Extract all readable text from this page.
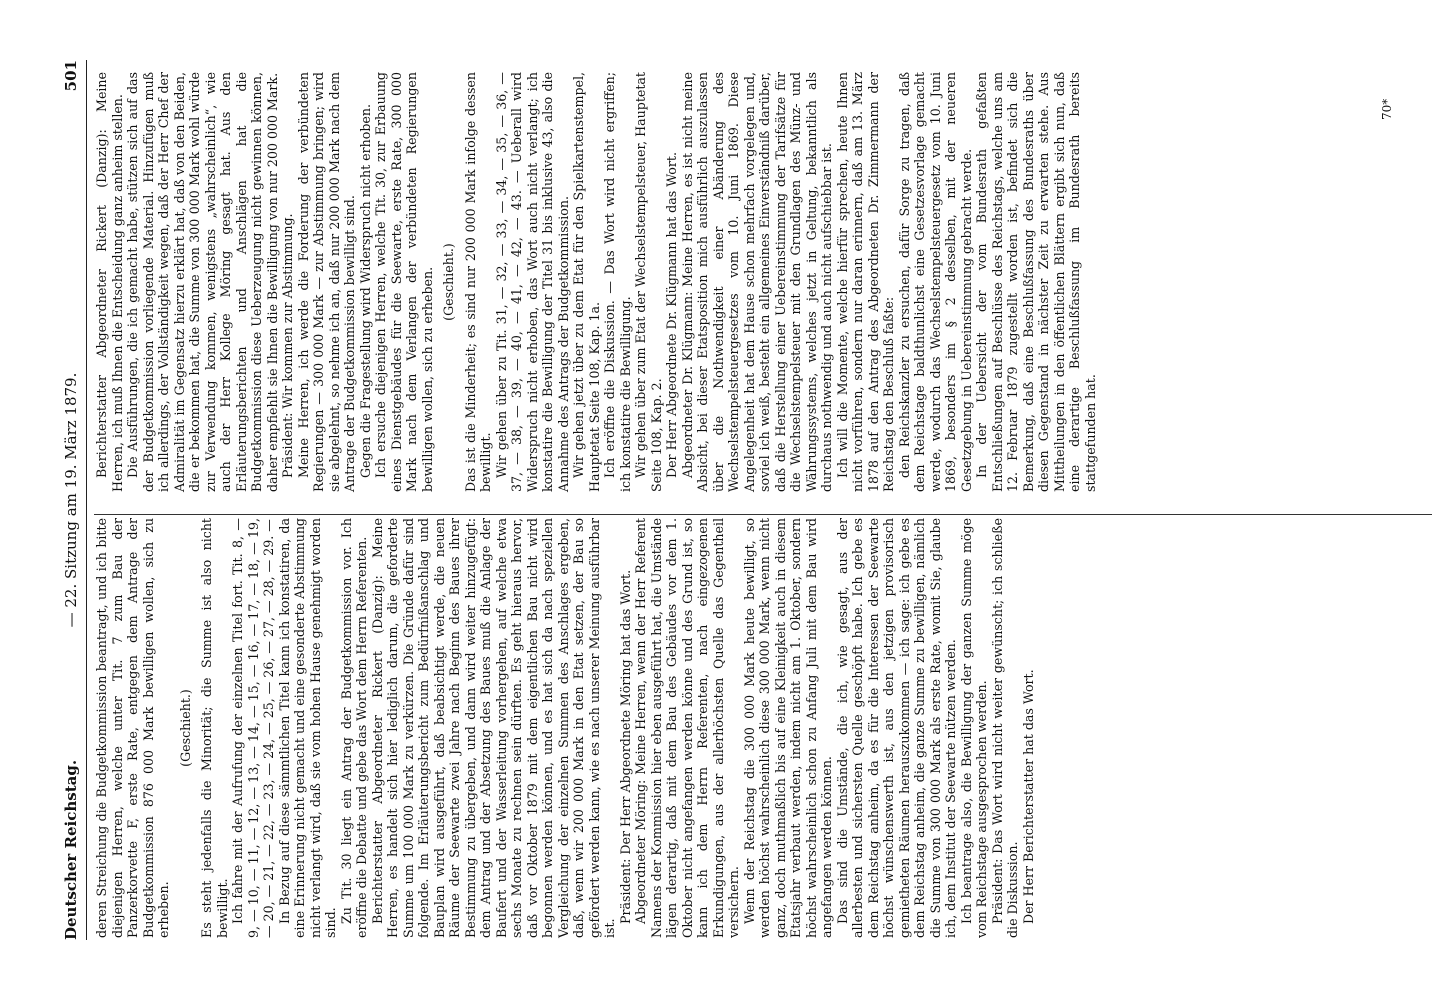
Deutscher Reichstag.
— 22. Sitzung am 19. März 1879.
501

deren Streichung die Budgetkommission beantragt, und ich bitte diejenigen Herren, welche unter Tit. 7 zum Bau der Panzerkorvette F, erste Rate, entgegen dem Antrage der Budgetkommission 876 000 Mark bewilligen wollen, sich zu erheben.

(Geschieht.) Es steht jedenfalls die Minorität; die Summe ist also nicht bewilligt. Ich fahre mit der Aufrufung der einzelnen Titel fort. Tit. 8, — 9, — 10, — 11, — 12, — 13, — 14, — 15, — 16, — 17, — 18, — 19, — 20, — 21, — 22, — 23, — 24, — 25, — 26, — 27, — 28, — 29. — In Bezug auf diese sämmtlichen Titel kann ich konstatiren, da eine Erinnerung nicht gemacht und eine gesonderte Abstimmung nicht verlangt wird, daß sie vom hohen Hause genehmigt worden sind. Zu Tit. 30 liegt ein Antrag der Budgetkommission vor. Ich eröffne die Debatte und gebe das Wort dem Herrn Referenten. Berichterstatter Abgeordneter Rickert (Danzig): Meine Herren, es handelt sich hier lediglich darum, die geforderte Summe um 100 000 Mark zu verkürzen. Die Gründe dafür sind folgende. Im Erläuterungsbericht zum Bedürfnißanschlag und Bauplan wird ausgeführt, daß beabsichtigt werde, die neuen Räume der Seewarte zwei Jahre nach Beginn des Baues ihrer Bestimmung zu übergeben, und dann wird weiter hinzugefügt: dem Antrag und der Absetzung des Baues muß die Anlage der Baufert und der Wasserleitung vorhergehen, auf welche etwa sechs Monate zu rechnen sein dürften. Es geht hieraus hervor, daß vor Oktober 1879 mit dem eigentlichen Bau nicht wird begonnen werden können, und es hat sich da nach speziellen Vergleichung der einzelnen Summen des Anschlages ergeben, daß, wenn wir 200 000 Mark in den Etat setzen, der Bau so gefördert werden kann, wie es nach unserer Meinung ausführbar ist.

Präsident: Der Herr Abgeordnete Möring hat das Wort. Abgeordneter Möring: Meine Herren, wenn der Herr Referent Namens der Kommission hier eben ausgeführt hat, die Umstände lägen derartig, daß mit dem Bau des Gebäudes vor dem 1. Oktober nicht angefangen werden könne und des Grund ist, so kann ich dem Herrn Referenten, nach eingezogenen Erkundigungen, aus der allerhöchsten Quelle das Gegentheil versichern. Wenn der Reichstag die 300 000 Mark heute bewilligt, so werden höchst wahrscheinlich diese 300 000 Mark, wenn nicht ganz, doch muthmaßlich bis auf eine Kleinigkeit auch in diesem Etatsjahr verbaut werden, indem nicht am 1. Oktober, sondern höchst wahrscheinlich schon zu Anfang Juli mit dem Bau wird angefangen werden können. Das sind die Umstände, die ich, wie gesagt, aus der allerbesten und sichersten Quelle geschöpft habe. Ich gebe es dem Reichstag anheim, da es für die Interessen der Seewarte höchst wünschenswerth ist, aus den jetzigen provisorisch gemietheten Räumen herauszukommen — ich sage: ich gebe es dem Reichstag anheim, die ganze Summe zu bewilligen, nämlich die Summe von 300 000 Mark als erste Rate, womit Sie, glaube ich, dem Institut der Seewarte nützen werden. Ich beantrage also, die Bewilligung der ganzen Summe möge vom Reichstage ausgesprochen werden. Präsident: Das Wort wird nicht weiter gewünscht; ich schließe die Diskussion. Der Herr Berichterstatter hat das Wort.

Berichterstatter Abgeordneter Rickert (Danzig): Meine Herren, ich muß Ihnen die Entscheidung ganz anheim stellen. Die Ausführungen, die ich gemacht habe, stützen sich auf das der Budgetkommission vorliegende Material. Hinzufügen muß ich allerdings, der Vollständigkeit wegen, daß der Herr Chef der Admiralität im Gegensatz hierzu erklärt hat, daß von den Beiden, die er bekommen hat, die Summe von 300 000 Mark wohl würde zur Verwendung kommen, wenigstens „wahrscheinlich“, wie auch der Herr Kollege Möring gesagt hat. Aus den Erläuterungsberichten und Anschlägen hat die Budgetkommission diese Ueberzeugung nicht gewinnen können, daher empfiehlt sie Ihnen die Bewilligung von nur 200 000 Mark. Präsident: Wir kommen zur Abstimmung. Meine Herren, ich werde die Forderung der verbündeten Regierungen — 300 000 Mark — zur Abstimmung bringen; wird sie abgelehnt, so nehme ich an, daß nur 200 000 Mark nach dem Antrage der Budgetkommission bewilligt sind. Gegen die Fragestellung wird Widerspruch nicht erhoben. Ich ersuche diejenigen Herren, welche Tit. 30, zur Erbauung eines Dienstgebäudes für die Seewarte, erste Rate, 300 000 Mark nach dem Verlangen der verbündeten Regierungen bewilligen wollen, sich zu erheben. (Geschieht.) Das ist die Minderheit; es sind nur 200 000 Mark infolge dessen bewilligt. Wir gehen über zu Tit. 31, — 32, — 33, — 34, — 35, — 36, — 37, — 38, — 39, — 40, — 41, — 42, — 43. — Ueberall wird Widerspruch nicht erhoben, das Wort auch nicht verlangt; ich konstatire die Bewilligung der Titel 31 bis inklusive 43, also die Annahme des Antrags der Budgetkommission. Wir gehen jetzt über zu dem Etat für den Spielkartenstempel, Hauptetat Seite 108, Kap. 1a. Ich eröffne die Diskussion. — Das Wort wird nicht ergriffen; ich konstatire die Bewilligung. Wir gehen über zum Etat der Wechselstempelsteuer, Hauptetat Seite 108, Kap. 2. Der Herr Abgeordnete Dr. Klügmann hat das Wort. Abgeordneter Dr. Klügmann: Meine Herren, es ist nicht meine Absicht, bei dieser Etatsposition mich ausführlich auszulassen über die Nothwendigkeit einer Abänderung des Wechselstempelsteuergesetzes vom 10. Juni 1869. Diese Angelegenheit hat dem Hause schon mehrfach vorgelegen und, soviel ich weiß, besteht ein allgemeines Einverständniß darüber, daß die Herstellung einer Uebereinstimmung der Tarifsätze für die Wechselstempelsteuer mit den Grundlagen des Münz- und Währungssystems, welches jetzt in Geltung, bekanntlich als durchaus nothwendig und auch nicht aufschiebbar ist. Ich will die Momente, welche hierfür sprechen, heute Ihnen nicht vorführen, sondern nur daran erinnern, daß am 13. März 1878 auf den Antrag des Abgeordneten Dr. Zimmermann der Reichstag den Beschluß faßte: den Reichskanzler zu ersuchen, dafür Sorge zu tragen, daß dem Reichstage baldthunlichst eine Gesetzesvorlage gemacht werde, wodurch das Wechselstempelsteuergesetz vom 10. Juni 1869, besonders im § 2 desselben, mit der neueren Gesetzgebung in Uebereinstimmung gebracht werde. In der Uebersicht der vom Bundesrath gefaßten Entschließungen auf Beschlüsse des Reichstags, welche uns am 12. Februar 1879 zugestellt worden ist, befindet sich die Bemerkung, daß eine Beschlußfassung des Bundesraths über diesen Gegenstand in nächster Zeit zu erwarten stehe. Aus Mittheilungen in den öffentlichen Blättern ergibt sich nun, daß eine derartige Beschlußfassung im Bundesrath bereits stattgefunden hat.

70*
